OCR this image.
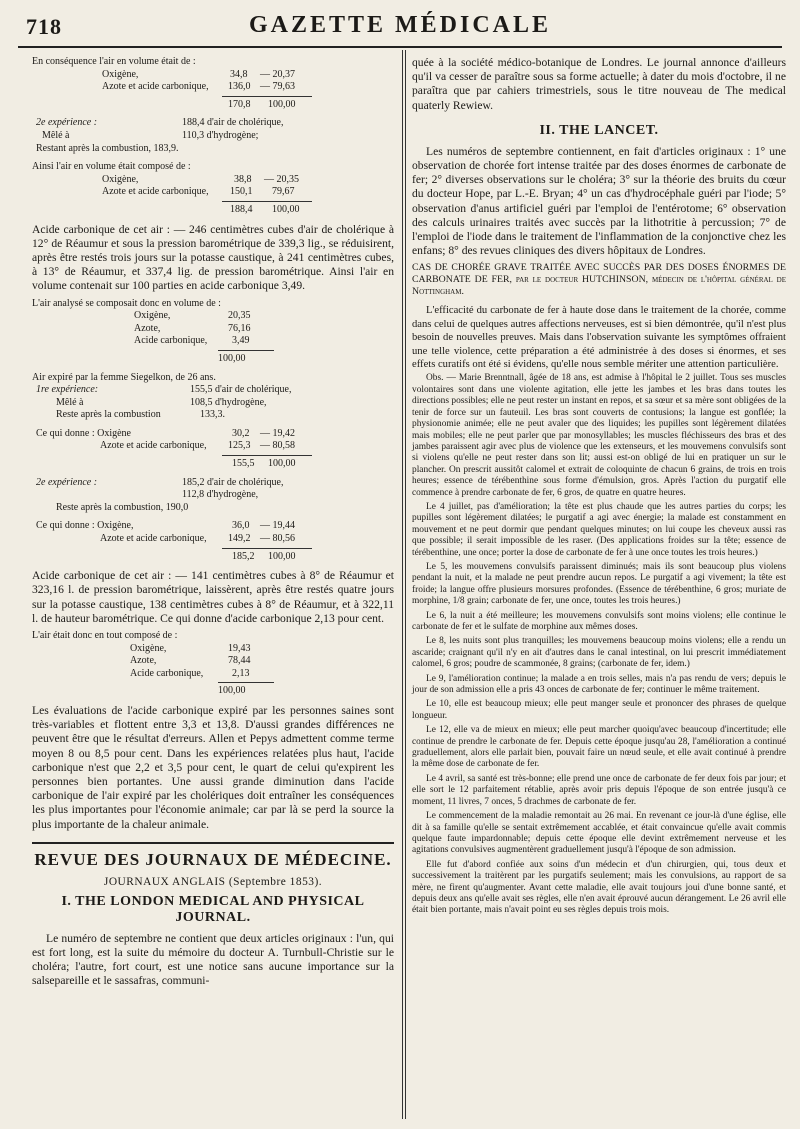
718	GAZETTE MÉDICALE
En conséquence l'air en volume était de :
Oxigène,	34,8 — 20,37
Azote et acide carbonique, 136,0 — 79,63
170,8 100,00
2e expérience :	188,4 d'air de cholérique,
Mêlé à	110,3 d'hydrogène;
Restant après la combustion, 183,9.
Ainsi l'air en volume était composé de :
Oxigène,	38,8 — 20,35
Azote et acide carbonique, 150,1 79,67
188,4 100,00

Acide carbonique de cet air : — 246 centimètres cubes d'air de cholérique à 12° de Réaumur et sous la pression barométrique de 339,3 lig., se réduisirent, après être restés trois jours sur la potasse caustique, à 241 centimètres cubes, à 13° de Réaumur, et 337,4 lig. de pression barométrique. Ainsi l'air en volume contenait sur 100 parties en acide carbonique 3,49.

L'air analysé se composait donc en volume de :
Oxigène,	20,35
Azote,	76,16
Acide carbonique, 3,49
100,00
Air expiré par la femme Siegelkon, de 26 ans.
1re expérience:	155,5 d'air de cholérique,
Mêlé à	108,5 d'hydrogène,
Reste après la combustion	133,3.
Ce qui donne : Oxigène	30,2 — 19,42
Azote et acide carbonique, 125,3 — 80,58
155,5 100,00
2e expérience :	185,2 d'air de cholérique,
112,8 d'hydrogène,
Reste après la combustion, 190,0
Ce qui donne : Oxigène,	36,0 — 19,44
Azote et acide carbonique, 149,2 — 80,56
185,2 100,00

Acide carbonique de cet air : — 141 centimètres cubes à 8° de Réaumur et 323,16 l. de pression barométrique, laissèrent, après être restés quatre jours sur la potasse caustique, 138 centimètres cubes à 8° de Réaumur, et à 322,11 l. de hauteur barométrique. Ce qui donne d'acide carbonique 2,13 pour cent.

L'air était donc en tout composé de :
Oxigène,	19,43
Azote,	78,44
Acide carbonique,	2,13
100,00

Les évaluations de l'acide carbonique expiré par les personnes saines sont très-variables et flottent entre 3,3 et 13,8. D'aussi grandes différences ne peuvent être que le résultat d'erreurs. Allen et Pepys admettent comme terme moyen 8 ou 8,5 pour cent. Dans les expériences relatées plus haut, l'acide carbonique n'est que 2,2 et 3,5 pour cent, le quart de celui qu'expirent les personnes bien portantes. Une aussi grande diminution dans l'acide carbonique de l'air expiré par les cholériques doit entraîner les conséquences les plus importantes pour l'économie animale; car par là se perd la source la plus importante de la chaleur animale.

REVUE DES JOURNAUX DE MÉDECINE.
JOURNAUX ANGLAIS (Septembre 1853).
I. THE LONDON MEDICAL AND PHYSICAL JOURNAL.

Le numéro de septembre ne contient que deux articles originaux : l'un, qui est fort long, est la suite du mémoire du docteur A. Turnbull-Christie sur le choléra; l'autre, fort court, est une notice sans aucune importance sur la salsepareille et le sassafras, communi-

quée à la société médico-botanique de Londres. Le journal annonce d'ailleurs qu'il va cesser de paraître sous sa forme actuelle; à dater du mois d'octobre, il ne paraîtra que par cahiers trimestriels, sous le titre nouveau de The medical quaterly Rewiew.

II. THE LANCET.

Les numéros de septembre contiennent, en fait d'articles originaux : 1° une observation de chorée fort intense traitée par des doses énormes de carbonate de fer; 2° diverses observations sur le choléra; 3° sur la théorie des bruits du cœur du docteur Hope, par L.-E. Bryan; 4° un cas d'hydrocéphale guéri par l'iode; 5° observation d'anus artificiel guéri par l'emploi de l'entérotome; 6° observation des calculs urinaires traités avec succès par la lithotritie à percussion; 7° de l'emploi de l'iode dans le traitement de l'inflammation de la conjonctive chez les enfans; 8° des revues cliniques des divers hôpitaux de Londres.

CAS DE CHORÉE GRAVE TRAITÉE AVEC SUCCÈS PAR DES DOSES ÉNORMES DE CARBONATE DE FER, par le docteur HUTCHINSON, médecin de l'hôpital général de Nottingham.

L'efficacité du carbonate de fer à haute dose dans le traitement de la chorée, comme dans celui de quelques autres affections nerveuses, est si bien démontrée, qu'il n'est plus besoin de nouvelles preuves. Mais dans l'observation suivante les symptômes offraient une telle violence, cette préparation a été administrée à des doses si énormes, et ses effets curatifs ont été si évidens, qu'elle nous semble mériter une attention particulière.

Obs. — Marie Brenntnall, âgée de 18 ans, est admise à l'hôpital le 2 juillet. Tous ses muscles volontaires sont dans une violente agitation, elle jette les jambes et les bras dans toutes les directions possibles; elle ne peut rester un instant en repos, et sa sœur et sa mère sont obligées de la tenir de force sur un fauteuil. Les bras sont couverts de contusions; la langue est gonflée; la physionomie animée; elle ne peut avaler que des liquides; les pupilles sont légèrement dilatées mais mobiles; elle ne peut parler que par monosyllables; les muscles fléchisseurs des bras et des jambes paraissent agir avec plus de violence que les extenseurs, et les mouvemens convulsifs sont si violens qu'elle ne peut rester dans son lit; aussi est-on obligé de lui en pratiquer un sur le plancher. On prescrit aussitôt calomel et extrait de coloquinte de chacun 6 grains, de trois en trois heures; essence de térébenthine sous forme d'émulsion, gros. Après l'action du purgatif elle commence à prendre carbonate de fer, 6 gros, de quatre en quatre heures.

Le 4 juillet, pas d'amélioration; la tête est plus chaude que les autres parties du corps; les pupilles sont légèrement dilatées; le purgatif a agi avec énergie; la malade est constamment en mouvement et ne peut dormir que pendant quelques minutes; on lui coupe les cheveux aussi ras que possible; il serait impossible de les raser. (Des applications froides sur la tête; essence de térébenthine, une once; porter la dose de carbonate de fer à une once toutes les trois heures.)

Le 5, les mouvemens convulsifs paraissent diminués; mais ils sont beaucoup plus violens pendant la nuit, et la malade ne peut prendre aucun repos. Le purgatif a agi vivement; la tête est froide; la langue offre plusieurs morsures profondes. (Essence de térébenthine, 6 gros; muriate de morphine, 1/8 grain; carbonate de fer, une once, toutes les trois heures.)

Le 6, la nuit a été meilleure; les mouvemens convulsifs sont moins violens; elle continue le carbonate de fer et le sulfate de morphine aux mêmes doses.

Le 8, les nuits sont plus tranquilles; les mouvemens beaucoup moins violens; elle a rendu un ascaride; craignant qu'il n'y en ait d'autres dans le canal intestinal, on lui prescrit immédiatement calomel, 6 gros; poudre de scammonée, 8 grains; (carbonate de fer, idem.)

Le 9, l'amélioration continue; la malade a en trois selles, mais n'a pas rendu de vers; depuis le jour de son admission elle a pris 43 onces de carbonate de fer; continuer le même traitement.

Le 10, elle est beaucoup mieux; elle peut manger seule et prononcer des phrases de quelque longueur.

Le 12, elle va de mieux en mieux; elle peut marcher quoiqu'avec beaucoup d'incertitude; elle continue de prendre le carbonate de fer. Depuis cette époque jusqu'au 28, l'amélioration a continué graduellement, alors elle parlait bien, pouvait faire un nœud seule, et elle avait continué à prendre la même dose de carbonate de fer.

Le 4 avril, sa santé est très-bonne; elle prend une once de carbonate de fer deux fois par jour; et elle sort le 12 parfaitement rétablie, après avoir pris depuis l'époque de son entrée jusqu'à ce moment, 11 livres, 7 onces, 5 drachmes de carbonate de fer.

Le commencement de la maladie remontait au 26 mai. En revenant ce jour-là d'une église, elle dit à sa famille qu'elle se sentait extrêmement accablée, et était convaincue qu'elle avait commis quelque faute impardonnable; depuis cette époque elle devint extrêmement nerveuse et les agitations convulsives augmentèrent graduellement jusqu'à l'époque de son admission.

Elle fut d'abord confiée aux soins d'un médecin et d'un chirurgien, qui, tous deux et successivement la traitèrent par les purgatifs seulement; mais les convulsions, au rapport de sa mère, ne firent qu'augmenter. Avant cette maladie, elle avait toujours joui d'une bonne santé, et depuis deux ans qu'elle avait ses règles, elle n'en avait éprouvé aucun dérangement. Le 26 avril elle était bien portante, mais n'avait point eu ses règles depuis trois mois.
